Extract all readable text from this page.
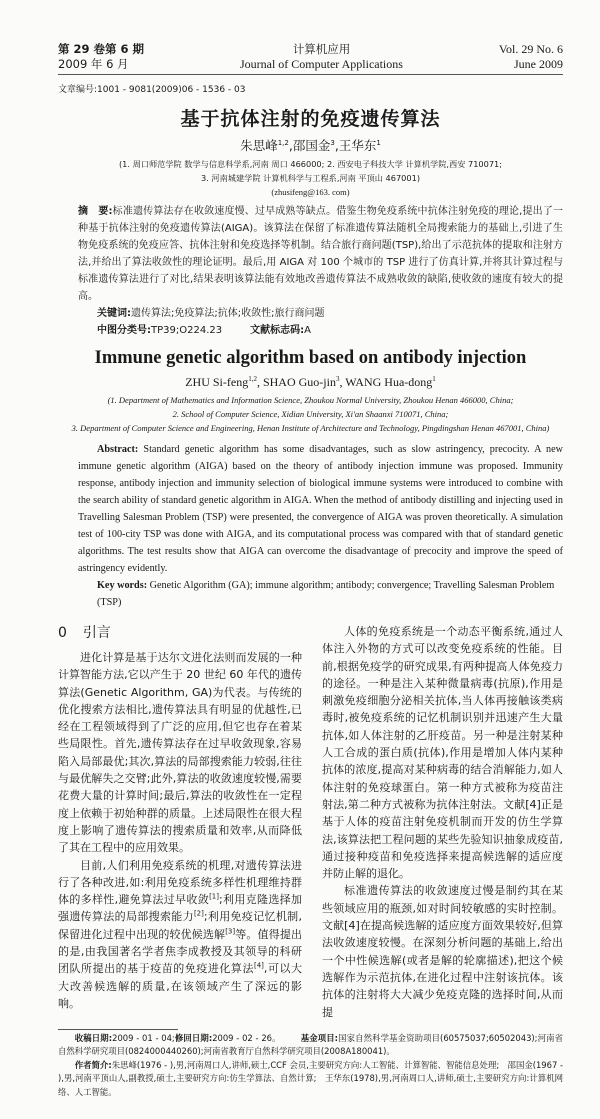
第 29 卷第 6 期
2009 年 6 月
计算机应用
Journal of Computer Applications
Vol. 29 No. 6
June 2009
文章编号:1001 - 9081(2009)06 - 1536 - 03
基于抗体注射的免疫遗传算法
朱思峰$^{1,2}$,邵国金$^3$,王华东$^1$
(1. 周口师范学院 数学与信息科学系,河南 周口 466000; 2. 西安电子科技大学 计算机学院,西安 710071;
3. 河南城建学院 计算机科学与工程系,河南 平顶山 467001)
(zhusifeng@163. com)
摘　要:标准遗传算法存在收敛速度慢、过早成熟等缺点。借鉴生物免疫系统中抗体注射免疫的理论,提出了一种基于抗体注射的免疫遗传算法(AIGA)。该算法在保留了标准遗传算法随机全局搜索能力的基础上,引进了生物免疫系统的免疫应答、抗体注射和免疫选择等机制。结合旅行商问题(TSP),给出了示范抗体的提取和注射方法,并给出了算法收敛性的理论证明。最后,用 AIGA 对 100 个城市的 TSP 进行了仿真计算,并将其计算过程与标准遗传算法进行了对比,结果表明该算法能有效地改善遗传算法不成熟收敛的缺陷,使收敛的速度有较大的提高。
关键词:遗传算法;免疫算法;抗体;收敛性;旅行商问题
中图分类号:TP39;O224.23	文献标志码:A
Immune genetic algorithm based on antibody injection
ZHU Si-feng$^{1,2}$, SHAO Guo-jin$^3$, WANG Hua-dong$^1$
(1. Department of Mathematics and Information Science, Zhoukou Normal University, Zhoukou Henan 466000, China;
2. School of Computer Science, Xidian University, Xi'an Shaanxi 710071, China;
3. Department of Computer Science and Engineering, Henan Institute of Architecture and Technology, Pingdingshan Henan 467001, China)
Abstract: Standard genetic algorithm has some disadvantages, such as slow astringency, precocity. A new immune genetic algorithm (AIGA) based on the theory of antibody injection immune was proposed. Immunity response, antibody injection and immunity selection of biological immune systems were introduced to combine with the search ability of standard genetic algorithm in AIGA. When the method of antibody distilling and injecting used in Travelling Salesman Problem (TSP) were presented, the convergence of AIGA was proven theoretically. A simulation test of 100-city TSP was done with AIGA, and its computational process was compared with that of standard genetic algorithms. The test results show that AIGA can overcome the disadvantage of precocity and improve the speed of astringency evidently.
Key words: Genetic Algorithm (GA); immune algorithm; antibody; convergence; Travelling Salesman Problem (TSP)
0 引言

进化计算是基于达尔文进化法则而发展的一种计算智能方法,它以产生于 20 世纪 60 年代的遗传算法(Genetic Algorithm, GA)为代表。与传统的优化搜索方法相比,遗传算法具有明显的优越性,已经在工程领域得到了广泛的应用,但它也存在着某些局限性。首先,遗传算法存在过早收敛现象,容易陷入局部最优;其次,算法的局部搜索能力较弱,往往与最优解失之交臂;此外,算法的收敛速度较慢,需要花费大量的计算时间;最后,算法的收敛性在一定程度上依赖于初始种群的质量。上述局限性在很大程度上影响了遗传算法的搜索质量和效率,从而降低了其在工程中的应用效果。

目前,人们利用免疫系统的机理,对遗传算法进行了各种改进,如:利用免疫系统多样性机理维持群体的多样性,避免算法过早收敛[1];利用克隆选择加强遗传算法的局部搜索能力[2];利用免疫记忆机制,保留进化过程中出现的较优候选解[3]等。值得提出的是,由我国著名学者焦李成教授及其领导的科研团队所提出的基于疫苗的免疫进化算法[4],可以大大改善候选解的质量,在该领域产生了深远的影响。

人体的免疫系统是一个动态平衡系统,通过人体注入外物的方式可以改变免疫系统的性能。目前,根据免疫学的研究成果,有两种提高人体免疫力的途径。一种是注入某种微量病毒(抗原),作用是刺激免疫细胞分泌相关抗体,当人体再接触该类病毒时,被免疫系统的记忆机制识别并迅速产生大量抗体,如人体注射的乙肝疫苗。另一种是注射某种人工合成的蛋白质(抗体),作用是增加人体内某种抗体的浓度,提高对某种病毒的结合消解能力,如人体注射的免疫球蛋白。第一种方式被称为疫苗注射法,第二种方式被称为抗体注射法。文献[4]正是基于人体的疫苗注射免疫机制而开发的仿生学算法,该算法把工程问题的某些先验知识抽象成疫苗,通过接种疫苗和免疫选择来提高候选解的适应度并防止解的退化。

标准遗传算法的收敛速度过慢是制约其在某些领域应用的瓶颈,如对时间较敏感的实时控制。文献[4]在提高候选解的适应度方面效果较好,但算法收敛速度较慢。在深刻分析问题的基础上,给出一个中性候选解(或者是解的轮廓描述),把这个候选解作为示范抗体,在进化过程中注射该抗体。该抗体的注射将大大减少免疫克隆的选择时间,从而提

收稿日期:2009 - 01 - 04;修回日期:2009 - 02 - 26。 基金项目:国家自然科学基金资助项目(60575037;60502043);河南省自然科学研究项目(0824000440260);河南省教育厅自然科学研究项目(2008A180041)。
作者简介:朱思峰(1976 - ),男,河南周口人,讲师,硕士,CCF 会员,主要研究方向:人工智能、计算智能、智能信息处理;　邵国金(1967 - ),男,河南平顶山人,副教授,硕士,主要研究方向:仿生学算法、自然计算;　王华东(1978),男,河南周口人,讲师,硕士,主要研究方向:计算机网络、人工智能。
